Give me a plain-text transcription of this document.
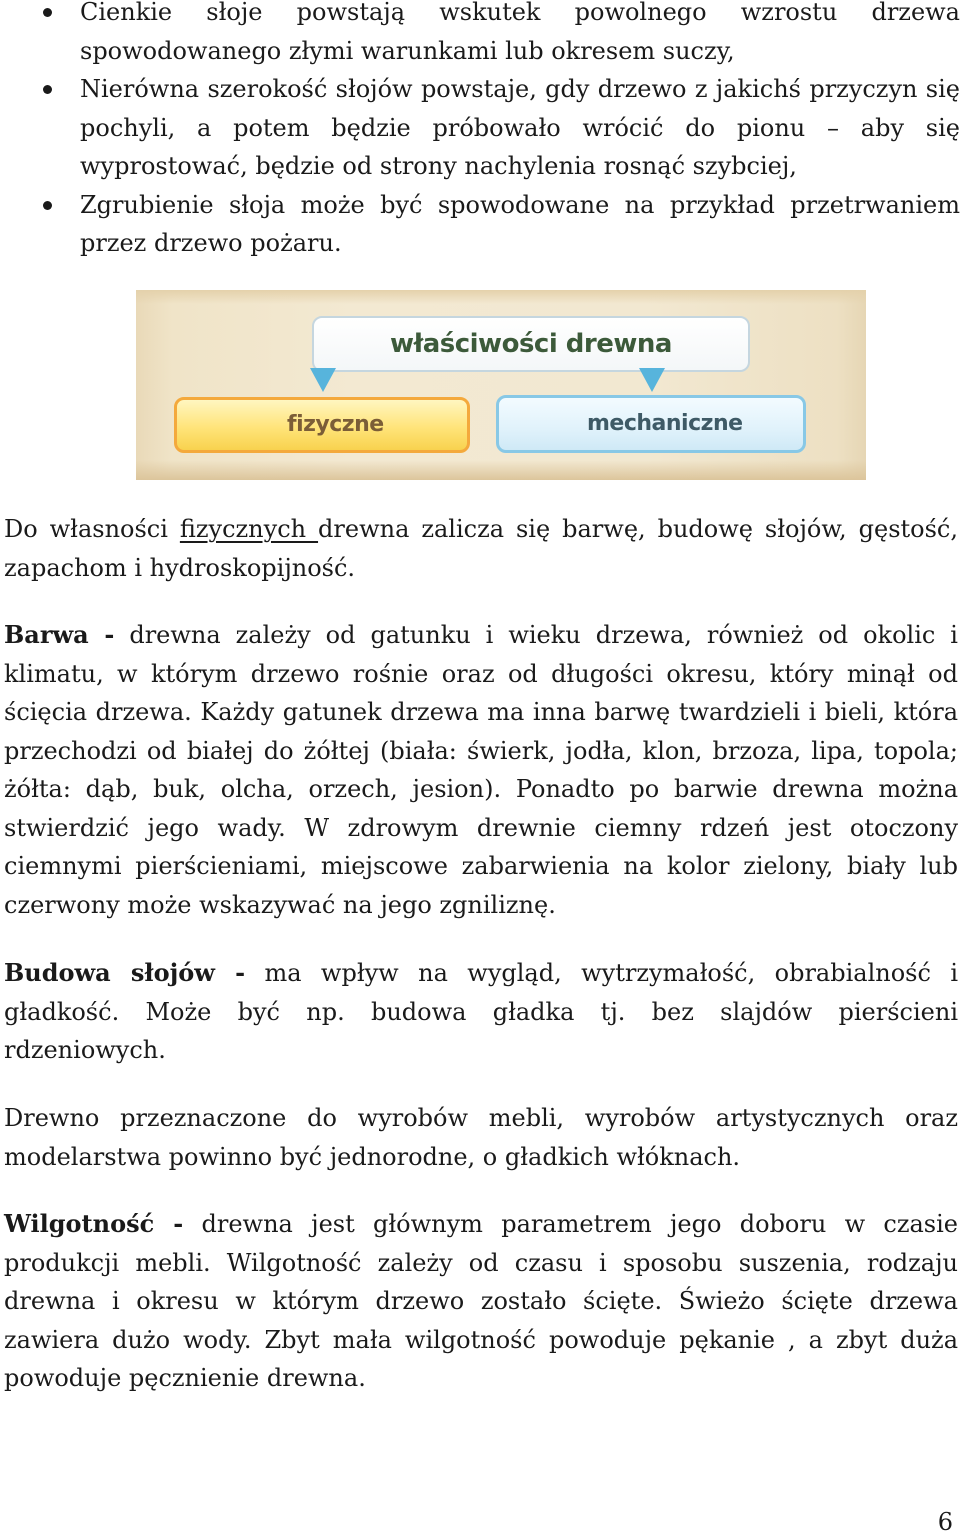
Cienkie słoje powstają wskutek powolnego wzrostu drzewa spowodowanego złymi warunkami lub okresem suczy,
Nierówna szerokość słojów powstaje, gdy drzewo z jakichś przyczyn się pochyli, a potem będzie próbowało wrócić do pionu – aby się wyprostować, będzie od strony nachylenia rosnąć szybciej,
Zgrubienie słoja może być spowodowane na przykład przetrwaniem przez drzewo pożaru.
właściwości drewna
fizyczne	mechaniczne

Do własności fizycznych drewna zalicza się barwę, budowę słojów, gęstość, zapachom i hydroskopijność.

Barwa - drewna zależy od gatunku i wieku drzewa, również od okolic i klimatu, w którym drzewo rośnie oraz od długości okresu, który minął od ścięcia drzewa. Każdy gatunek drzewa ma inna barwę twardzieli i bieli, która przechodzi od białej do żółtej (biała: świerk, jodła, klon, brzoza, lipa, topola; żółta: dąb, buk, olcha, orzech, jesion). Ponadto po barwie drewna można stwierdzić jego wady. W zdrowym drewnie ciemny rdzeń jest otoczony ciemnymi pierścieniami, miejscowe zabarwienia na kolor zielony, biały lub czerwony może wskazywać na jego zgniliznę.

Budowa słojów - ma wpływ na wygląd, wytrzymałość, obrabialność i gładkość. Może być np. budowa gładka tj. bez slajdów pierścieni rdzeniowych.

Drewno przeznaczone do wyrobów mebli, wyrobów artystycznych oraz modelarstwa powinno być jednorodne, o gładkich włóknach.

Wilgotność - drewna jest głównym parametrem jego doboru w czasie produkcji mebli. Wilgotność zależy od czasu i sposobu suszenia, rodzaju drewna i okresu w którym drzewo zostało ścięte. Świeżo ścięte drzewa zawiera dużo wody. Zbyt mała wilgotność powoduje pękanie , a zbyt duża powoduje pęcznienie drewna.

6
